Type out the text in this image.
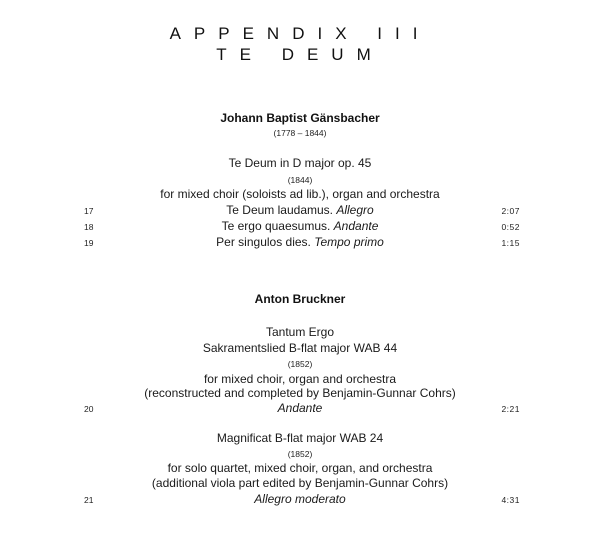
APPENDIX III
TE DEUM
Johann Baptist Gänsbacher
(1778 – 1844)
Te Deum in D major op. 45
(1844)
for mixed choir (soloists ad lib.), organ and orchestra
17	Te Deum laudamus. Allegro	2:07
18	Te ergo quaesumus. Andante	0:52
19	Per singulos dies. Tempo primo	1:15
Anton Bruckner
Tantum Ergo
Sakramentslied B-flat major WAB 44
(1852)
for mixed choir, organ and orchestra
(reconstructed and completed by Benjamin-Gunnar Cohrs)
20	Andante	2:21
Magnificat B-flat major WAB 24
(1852)
for solo quartet, mixed choir, organ, and orchestra
(additional viola part edited by Benjamin-Gunnar Cohrs)
21	Allegro moderato	4:31
